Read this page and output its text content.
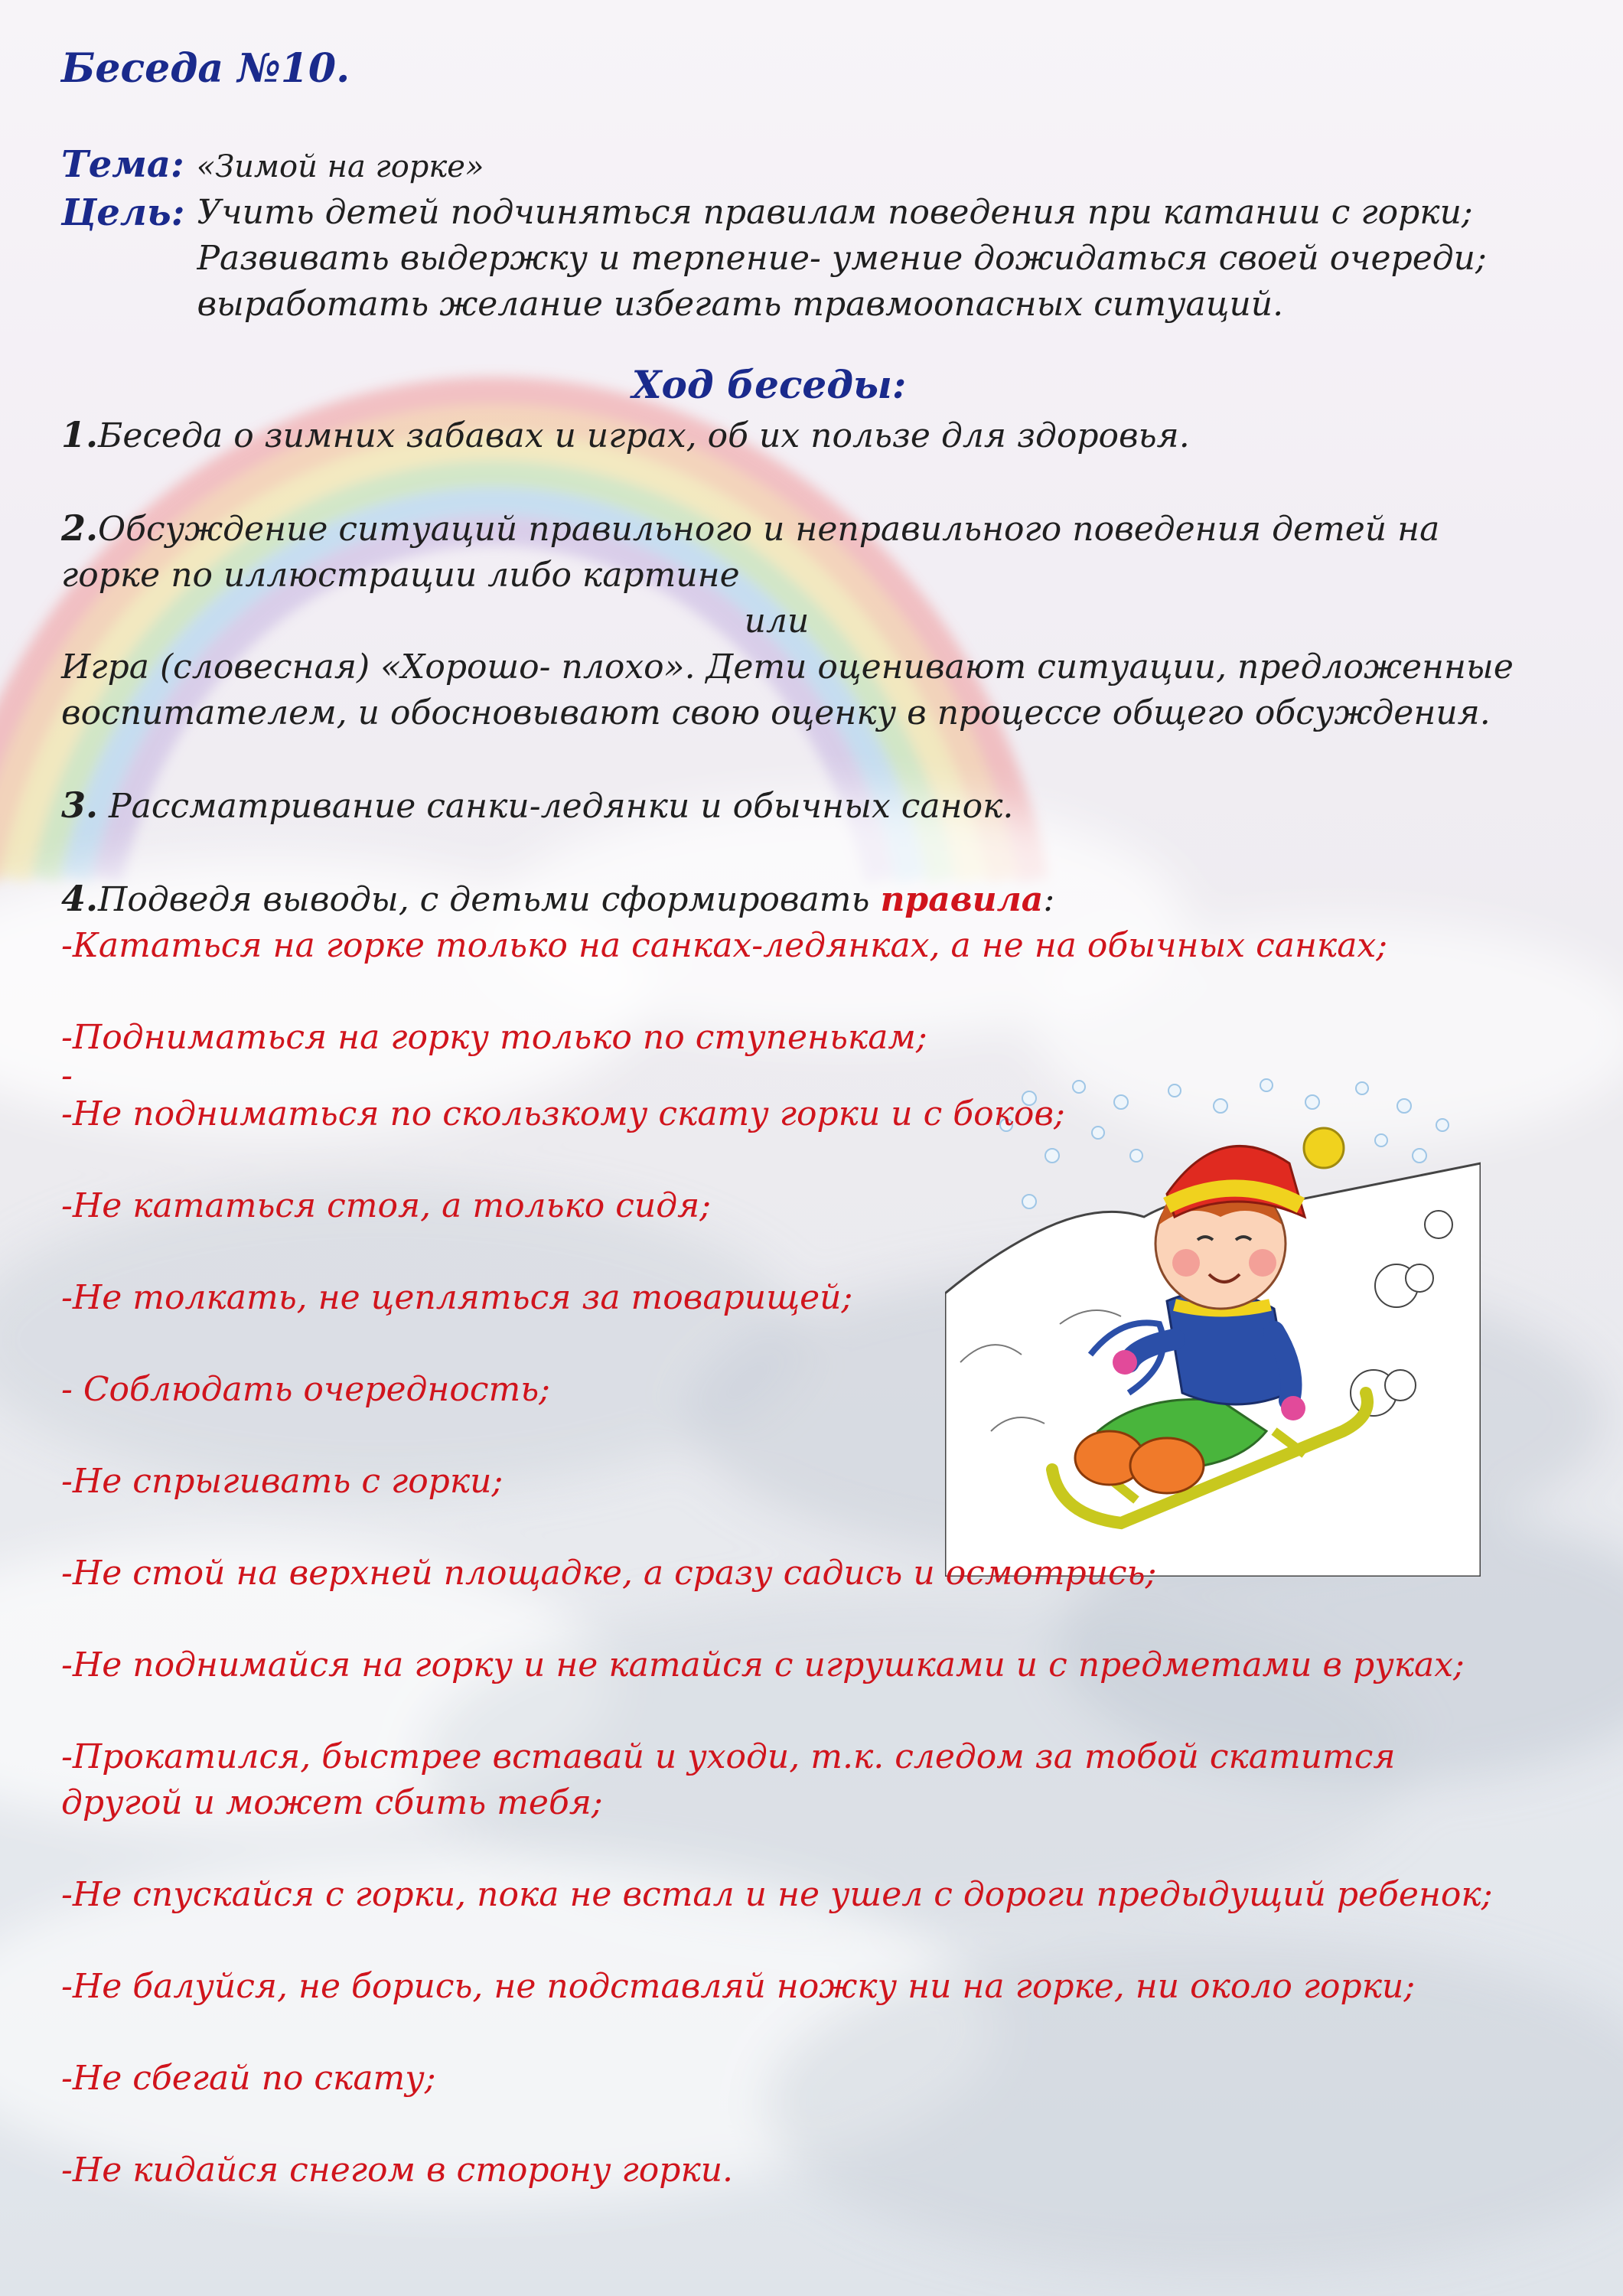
Беседа №10.
Тема: «Зимой на горке»
Цель: Учить детей подчиняться правилам поведения при катании с горки;
Развивать выдержку и терпение- умение дожидаться своей очереди;
выработать желание избегать травмоопасных ситуаций.
Ход беседы:
1.Беседа о зимних забавах и играх, об их пользе для здоровья.
2.Обсуждение ситуаций правильного и неправильного поведения детей на
горке по иллюстрации либо картине
или
Игра (словесная) «Хорошо- плохо». Дети оценивают ситуации, предложенные
воспитателем, и обосновывают свою оценку в процессе общего обсуждения.
3. Рассматривание санки-ледянки и обычных санок.
4.Подведя выводы, с детьми сформировать правила:
-Кататься на горке только на санках-ледянках, а не на обычных санках;
-Подниматься на горку только по ступенькам;
-
-Не подниматься по скользкому скату горки и с боков;
-Не кататься стоя, а только сидя;
-Не толкать, не цепляться за товарищей;
- Соблюдать очередность;
-Не спрыгивать с горки;
-Не стой на верхней площадке, а сразу садись и осмотрись;
-Не поднимайся на горку и не катайся с игрушками и с предметами в руках;
-Прокатился, быстрее вставай и уходи, т.к. следом за тобой скатится
другой и может сбить тебя;
-Не спускайся с горки, пока не встал и не ушел с дороги предыдущий ребенок;
-Не балуйся, не борись, не подставляй ножку ни на горке, ни около горки;
-Не сбегай по скату;
-Не кидайся снегом в сторону горки.
